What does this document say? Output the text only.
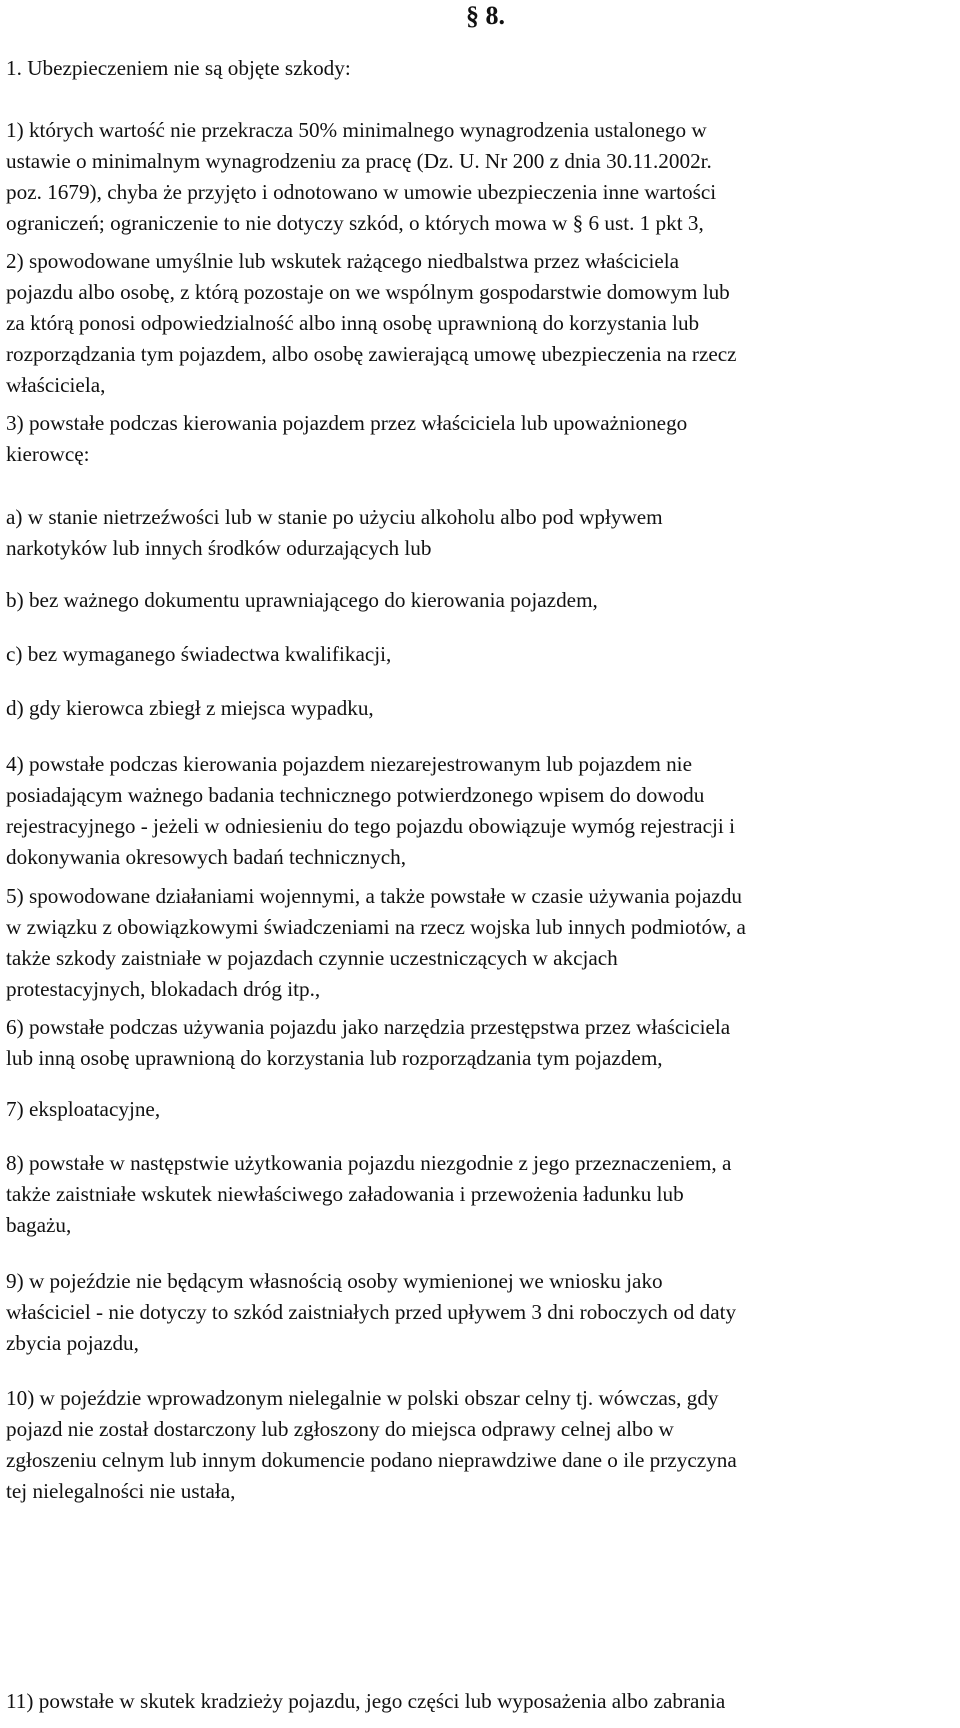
§ 8.

1. Ubezpieczeniem nie są objęte szkody:

1) których wartość nie przekracza 50% minimalnego wynagrodzenia ustalonego w
ustawie o minimalnym wynagrodzeniu za pracę (Dz. U. Nr 200 z dnia 30.11.2002r.
poz. 1679), chyba że przyjęto i odnotowano w umowie ubezpieczenia inne wartości
ograniczeń; ograniczenie to nie dotyczy szkód, o których mowa w § 6 ust. 1 pkt 3,

2) spowodowane umyślnie lub wskutek rażącego niedbalstwa przez właściciela
pojazdu albo osobę, z którą pozostaje on we wspólnym gospodarstwie domowym lub
za którą ponosi odpowiedzialność albo inną osobę uprawnioną do korzystania lub
rozporządzania tym pojazdem, albo osobę zawierającą umowę ubezpieczenia na rzecz
właściciela,

3) powstałe podczas kierowania pojazdem przez właściciela lub upoważnionego
kierowcę:

a) w stanie nietrzeźwości lub w stanie po użyciu alkoholu albo pod wpływem
narkotyków lub innych środków odurzających lub

b) bez ważnego dokumentu uprawniającego do kierowania pojazdem,

c) bez wymaganego świadectwa kwalifikacji,

d) gdy kierowca zbiegł z miejsca wypadku,

4) powstałe podczas kierowania pojazdem niezarejestrowanym lub pojazdem nie
posiadającym ważnego badania technicznego potwierdzonego wpisem do dowodu
rejestracyjnego - jeżeli w odniesieniu do tego pojazdu obowiązuje wymóg rejestracji i
dokonywania okresowych badań technicznych,

5) spowodowane działaniami wojennymi, a także powstałe w czasie używania pojazdu
w związku z obowiązkowymi świadczeniami na rzecz wojska lub innych podmiotów, a
także szkody zaistniałe w pojazdach czynnie uczestniczących w akcjach
protestacyjnych, blokadach dróg itp.,

6) powstałe podczas używania pojazdu jako narzędzia przestępstwa przez właściciela
lub inną osobę uprawnioną do korzystania lub rozporządzania tym pojazdem,

7) eksploatacyjne,

8) powstałe w następstwie użytkowania pojazdu niezgodnie z jego przeznaczeniem, a
także zaistniałe wskutek niewłaściwego załadowania i przewożenia ładunku lub
bagażu,

9) w pojeździe nie będącym własnością osoby wymienionej we wniosku jako
właściciel - nie dotyczy to szkód zaistniałych przed upływem 3 dni roboczych od daty
zbycia pojazdu,

10) w pojeździe wprowadzonym nielegalnie w polski obszar celny tj. wówczas, gdy
pojazd nie został dostarczony lub zgłoszony do miejsca odprawy celnej albo w
zgłoszeniu celnym lub innym dokumencie podano nieprawdziwe dane o ile przyczyna
tej nielegalności nie ustała,

11) powstałe w skutek kradzieży pojazdu, jego części lub wyposażenia albo zabrania
